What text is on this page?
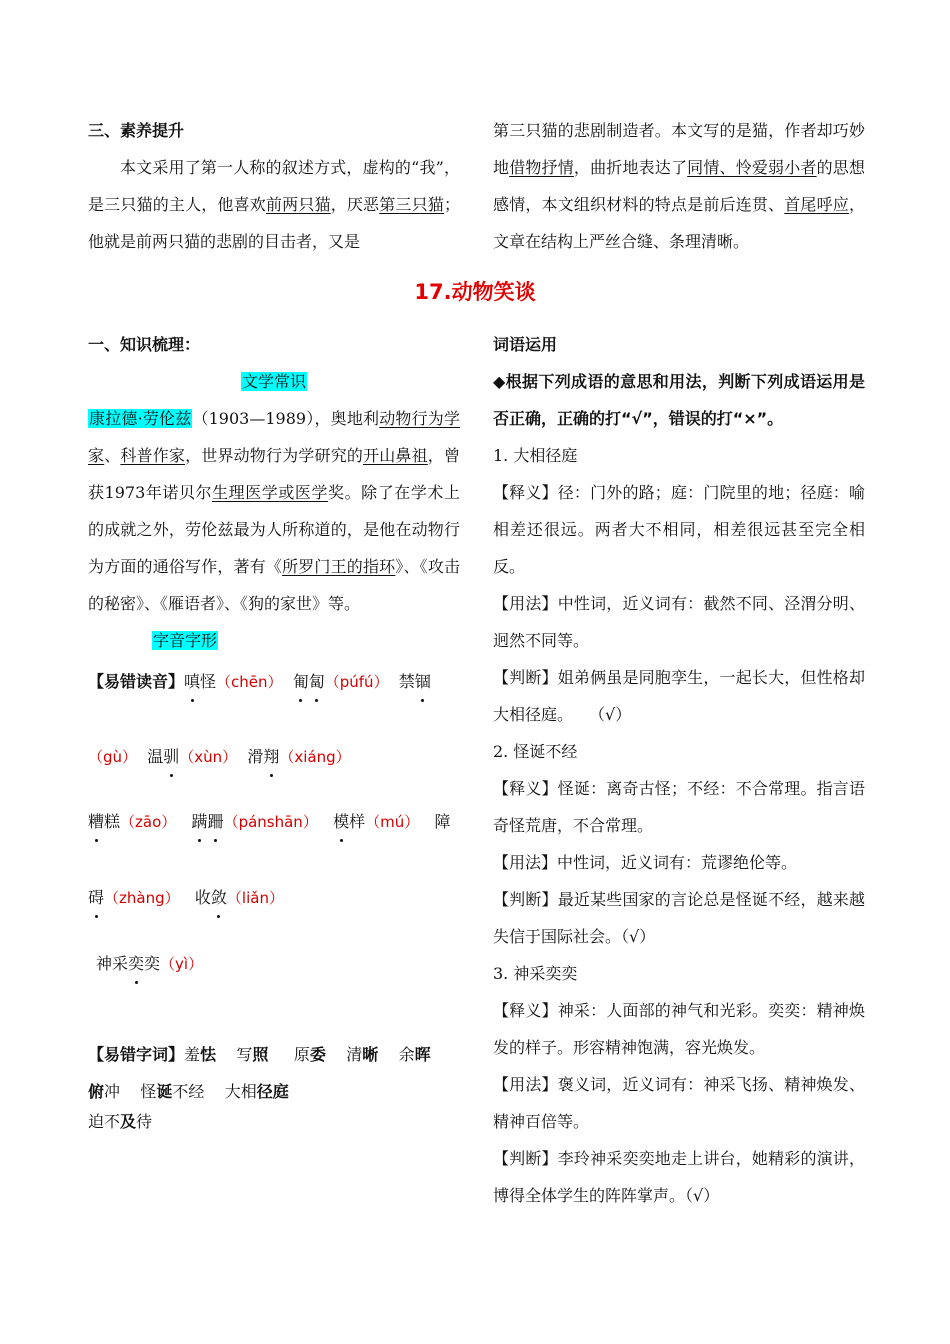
三、素养提升
本文采用了第一人称的叙述方式，虚构的“我”，是三只猫的主人，他喜欢前两只猫，厌恶第三只猫；他就是前两只猫的悲剧的目击者，又是
第三只猫的悲剧制造者。本文写的是猫，作者却巧妙地借物抒情，曲折地表达了同情、怜爱弱小者的思想感情，本文组织材料的特点是前后连贯、首尾呼应，文章在结构上严丝合缝、条理清晰。
17.动物笑谈
一、知识梳理：
文学常识
康拉德·劳伦兹（1903—1989），奥地利动物行为学家、科普作家，世界动物行为学研究的开山鼻祖，曾获1973年诺贝尔生理医学或医学奖。除了在学术上的成就之外，劳伦兹最为人所称道的，是他在动物行为方面的通俗写作，著有《所罗门王的指环》、《攻击的秘密》、《雁语者》、《狗的家世》等。
字音字形
【易错读音】嗔怪（chēn） 匍匐（púfú） 禁锢
（gù） 温驯（xùn） 滑翔（xiáng）
糟糕（zāo） 蹒跚（pánshān） 模样（mú） 障
碍（zhàng） 收敛（liǎn）
神采奕奕（yì）
【易错字词】羞怯 写照 原委 清晰 余晖
俯冲 怪诞不经 大相径庭
迫不及待
词语运用
◆根据下列成语的意思和用法，判断下列成语运用是否正确，正确的打“√”，错误的打“×”。
1. 大相径庭
【释义】径：门外的路；庭：门院里的地；径庭：喻相差还很远。两者大不相同，相差很远甚至完全相反。
【用法】中性词，近义词有：截然不同、泾渭分明、迥然不同等。
【判断】姐弟俩虽是同胞孪生，一起长大，但性格却大相径庭。　　（√）
2. 怪诞不经
【释义】怪诞：离奇古怪；不经：不合常理。指言语奇怪荒唐，不合常理。
【用法】中性词，近义词有：荒谬绝伦等。
【判断】最近某些国家的言论总是怪诞不经，越来越失信于国际社会。（√）
3. 神采奕奕
【释义】神采：人面部的神气和光彩。奕奕：精神焕发的样子。形容精神饱满，容光焕发。
【用法】褒义词，近义词有：神采飞扬、精神焕发、精神百倍等。
【判断】李玲神采奕奕地走上讲台，她精彩的演讲，博得全体学生的阵阵掌声。（√）
